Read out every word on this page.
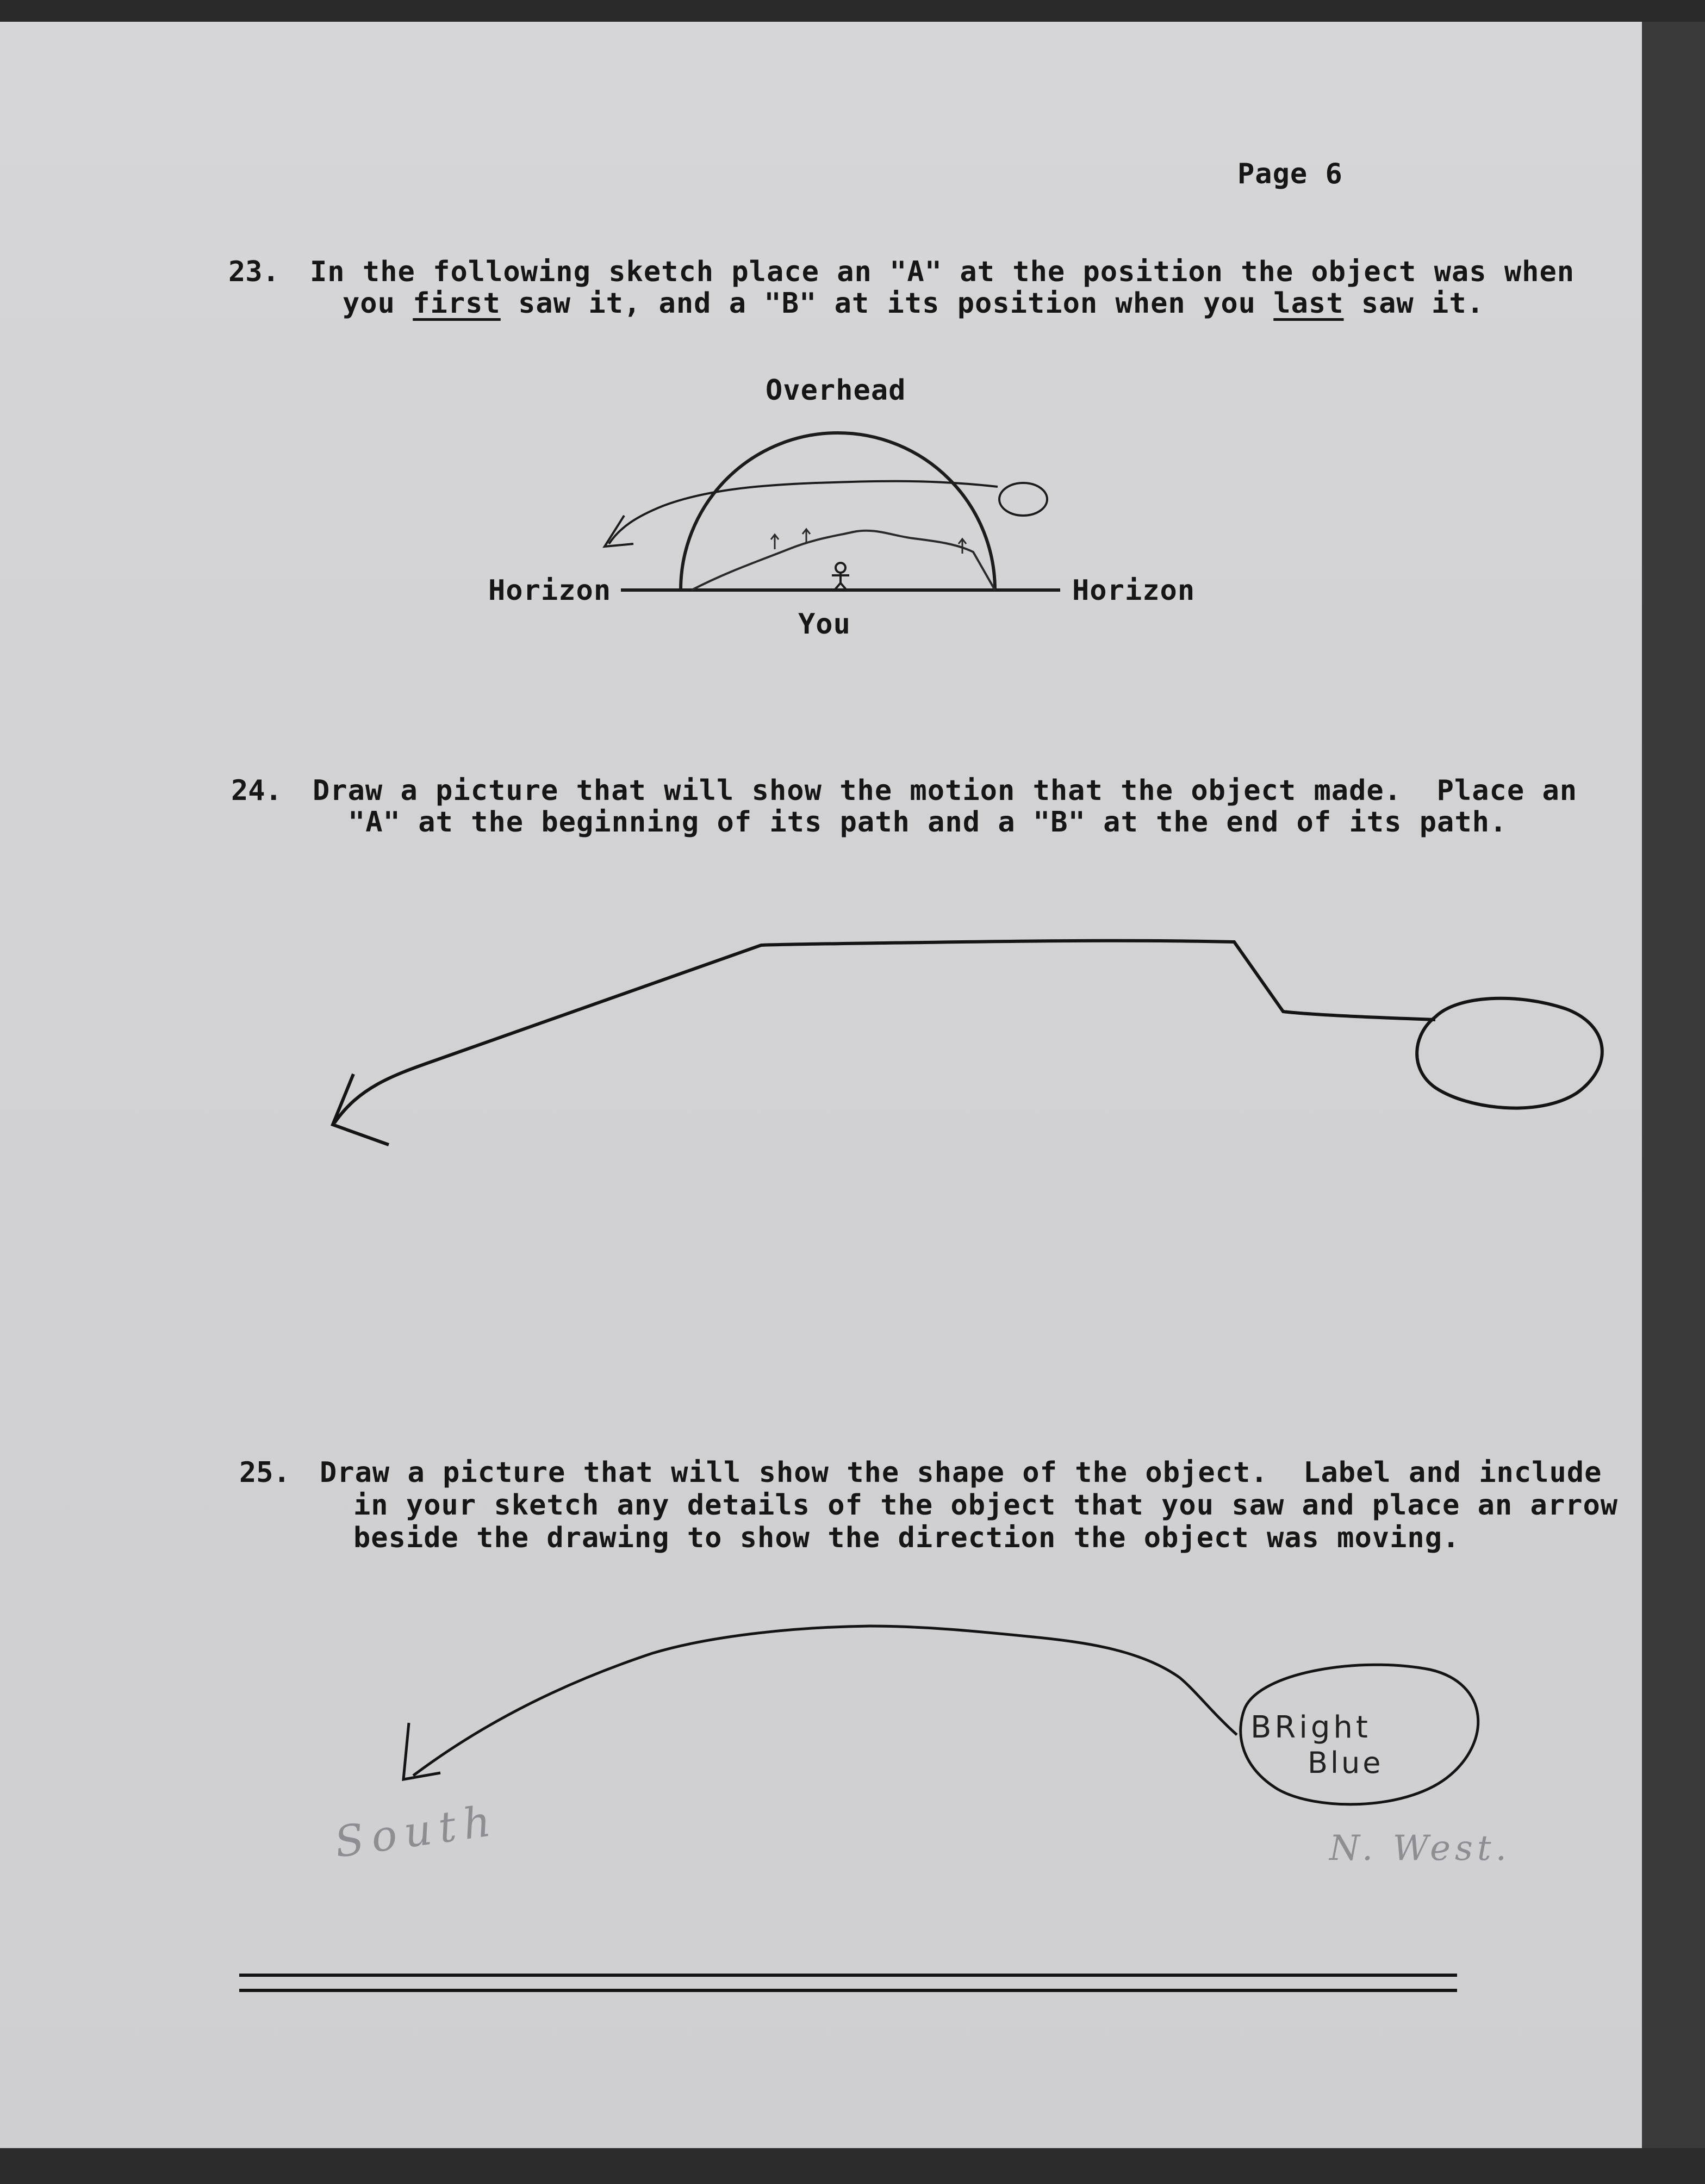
Page 6
23. In the following sketch place an "A" at the position the object was when
you first saw it, and a "B" at its position when you last saw it.
Overhead
Horizon	Horizon
You
24. Draw a picture that will show the motion that the object made.  Place an
"A" at the beginning of its path and a "B" at the end of its path.
25. Draw a picture that will show the shape of the object.  Label and include
in your sketch any details of the object that you saw and place an arrow
beside the drawing to show the direction the object was moving.
BRight
Blue
South	N. West.
